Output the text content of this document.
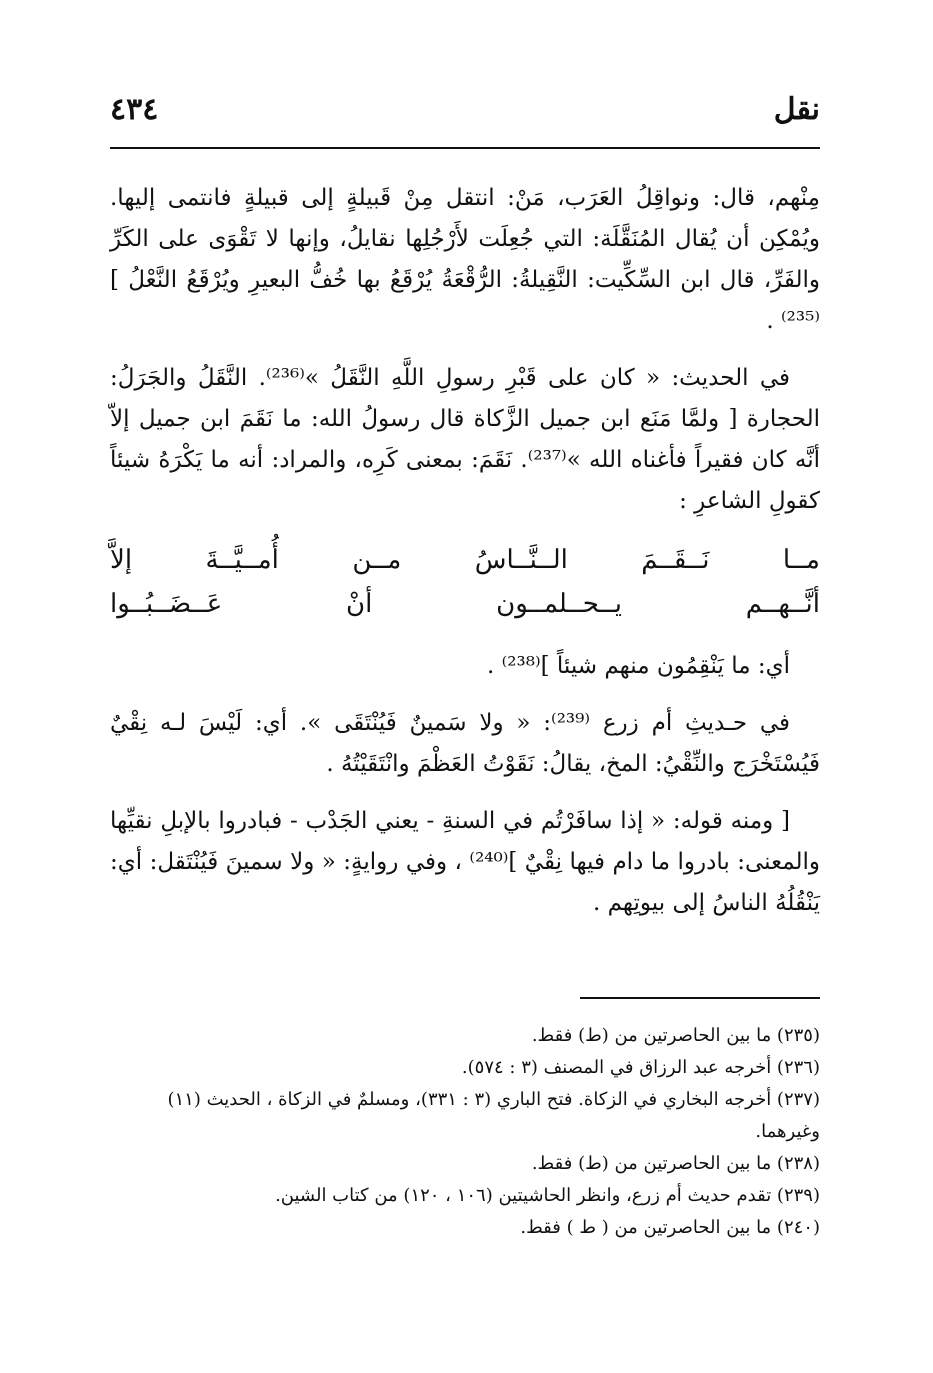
نقل
٤٣٤

مِنْهم، قال: ونواقِلُ العَرَب، مَنْ: انتقل مِنْ قَبيلةٍ إلى قبيلةٍ فانتمى إليها. ويُمْكِن أن يُقال المُنَقَّلَة: التي جُعِلَت لأَرْجُلِها نقايلُ، وإنها لا تَقْوَى على الكَرِّ والفَرِّ، قال ابن السِّكِّيت: النَّقِيلةُ: الرُّقْعَةُ يُرْقَعُ بها خُفُّ البعيرِ ويُرْقَعُ النَّعْلُ ]⁽²³⁵⁾ .

في الحديث: « كان على قَبْرِ رسولِ اللَّهِ النَّقَلُ »⁽²³⁶⁾. النَّقَلُ والجَرَلُ: الحجارة [ ولمَّا مَنَع ابن جميل الزَّكاة قال رسولُ الله: ما نَقَمَ ابن جميل إلاّ أنَّه كان فقيراً فأغناه الله »⁽²³⁷⁾. نَقَمَ: بمعنى كَرِه، والمراد: أنه ما يَكْرَهُ شيئاً كقولِ الشاعرِ :

مــا نَــقَــمَ الــنَّــاسُ مــن أُمــيَّــةَ إلاَّ
أنَّــهــم يــحــلمــون أنْ عَــضَــبُــوا

أي: ما يَنْقِمُون منهم شيئاً ]⁽²³⁸⁾ .

في حـديثِ أم زرع ⁽²³⁹⁾: « ولا سَمينٌ فَيُنْتَقَى ». أي: لَيْسَ لـه نِقْيٌ فَيُسْتَخْرَج والنِّقْيُ: المخ، يقالُ: نَقَوْتُ العَظْمَ وانْتَقَيْتُهُ .

[ ومنه قوله: « إذا سافَرْتُم في السنةِ - يعني الجَدْب - فبادروا بالإبلِ نقيِّها والمعنى: بادروا ما دام فيها نِقْيٌ ]⁽²⁴⁰⁾ ، وفي روايةٍ: « ولا سمينَ فَيُنْتَقل: أي: يَنْقُلُهُ الناسُ إلى بيوتِهم .

(٢٣٥) ما بين الحاصرتين من (ط) فقط.

(٢٣٦) أخرجه عبد الرزاق في المصنف (٣ : ٥٧٤).

(٢٣٧) أخرجه البخاري في الزكاة. فتح الباري (٣ : ٣٣١)، ومسلمٌ في الزكاة ، الحديث (١١) وغيرهما.

(٢٣٨) ما بين الحاصرتين من (ط) فقط.

(٢٣٩) تقدم حديث أم زرع، وانظر الحاشيتين (١٠٦ ، ١٢٠) من كتاب الشين.

(٢٤٠) ما بين الحاصرتين من ( ط ) فقط.
